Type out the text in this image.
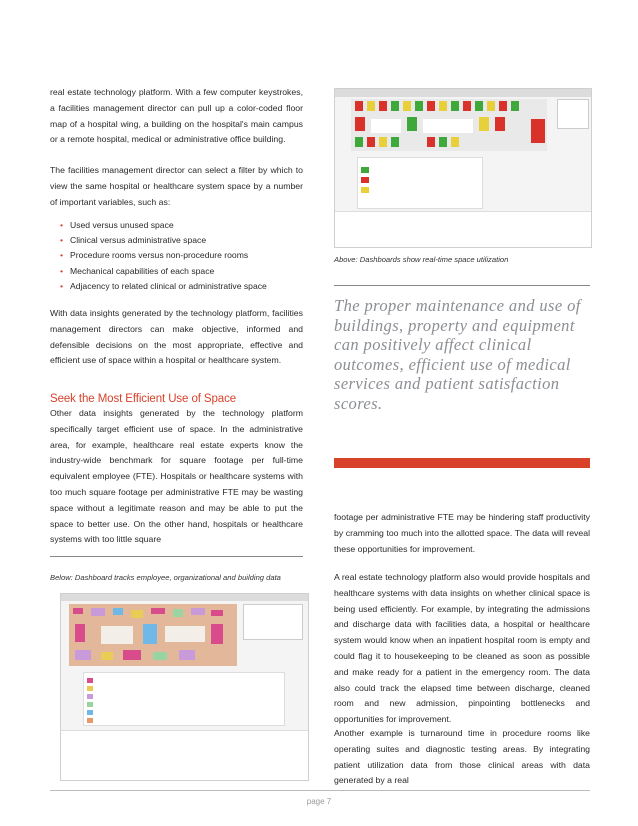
real estate technology platform. With a few computer keystrokes, a facilities management director can pull up a color-coded floor map of a hospital wing, a building on the hospital's main campus or a remote hospital, medical or administrative office building.

The facilities management director can select a filter by which to view the same hospital or healthcare system space by a number of important variables, such as:

• Used versus unused space
• Clinical versus administrative space
• Procedure rooms versus non-procedure rooms
• Mechanical capabilities of each space
• Adjacency to related clinical or administrative space

With data insights generated by the technology platform, facilities management directors can make objective, informed and defensible decisions on the most appropriate, effective and efficient use of space within a hospital or healthcare system.

Seek the Most Efficient Use of Space

Other data insights generated by the technology platform specifically target efficient use of space. In the administrative area, for example, healthcare real estate experts know the industry-wide benchmark for square footage per full-time equivalent employee (FTE). Hospitals or healthcare systems with too much square footage per administrative FTE may be wasting space without a legitimate reason and may be able to put the space to better use. On the other hand, hospitals or healthcare systems with too little square

Below: Dashboard tracks employee, organizational and building data
Above: Dashboards show real-time space utilization
The proper maintenance and use of buildings, property and equipment can positively affect clinical outcomes, efficient use of medical services and patient satisfaction scores.

footage per administrative FTE may be hindering staff productivity by cramming too much into the allotted space. The data will reveal these opportunities for improvement.

A real estate technology platform also would provide hospitals and healthcare systems with data insights on whether clinical space is being used efficiently. For example, by integrating the admissions and discharge data with facilities data, a hospital or healthcare system would know when an inpatient hospital room is empty and could flag it to housekeeping to be cleaned as soon as possible and make ready for a patient in the emergency room. The data also could track the elapsed time between discharge, cleaned room and new admission, pinpointing bottlenecks and opportunities for improvement.

Another example is turnaround time in procedure rooms like operating suites and diagnostic testing areas. By integrating patient utilization data from those clinical areas with data generated by a real

page 7
